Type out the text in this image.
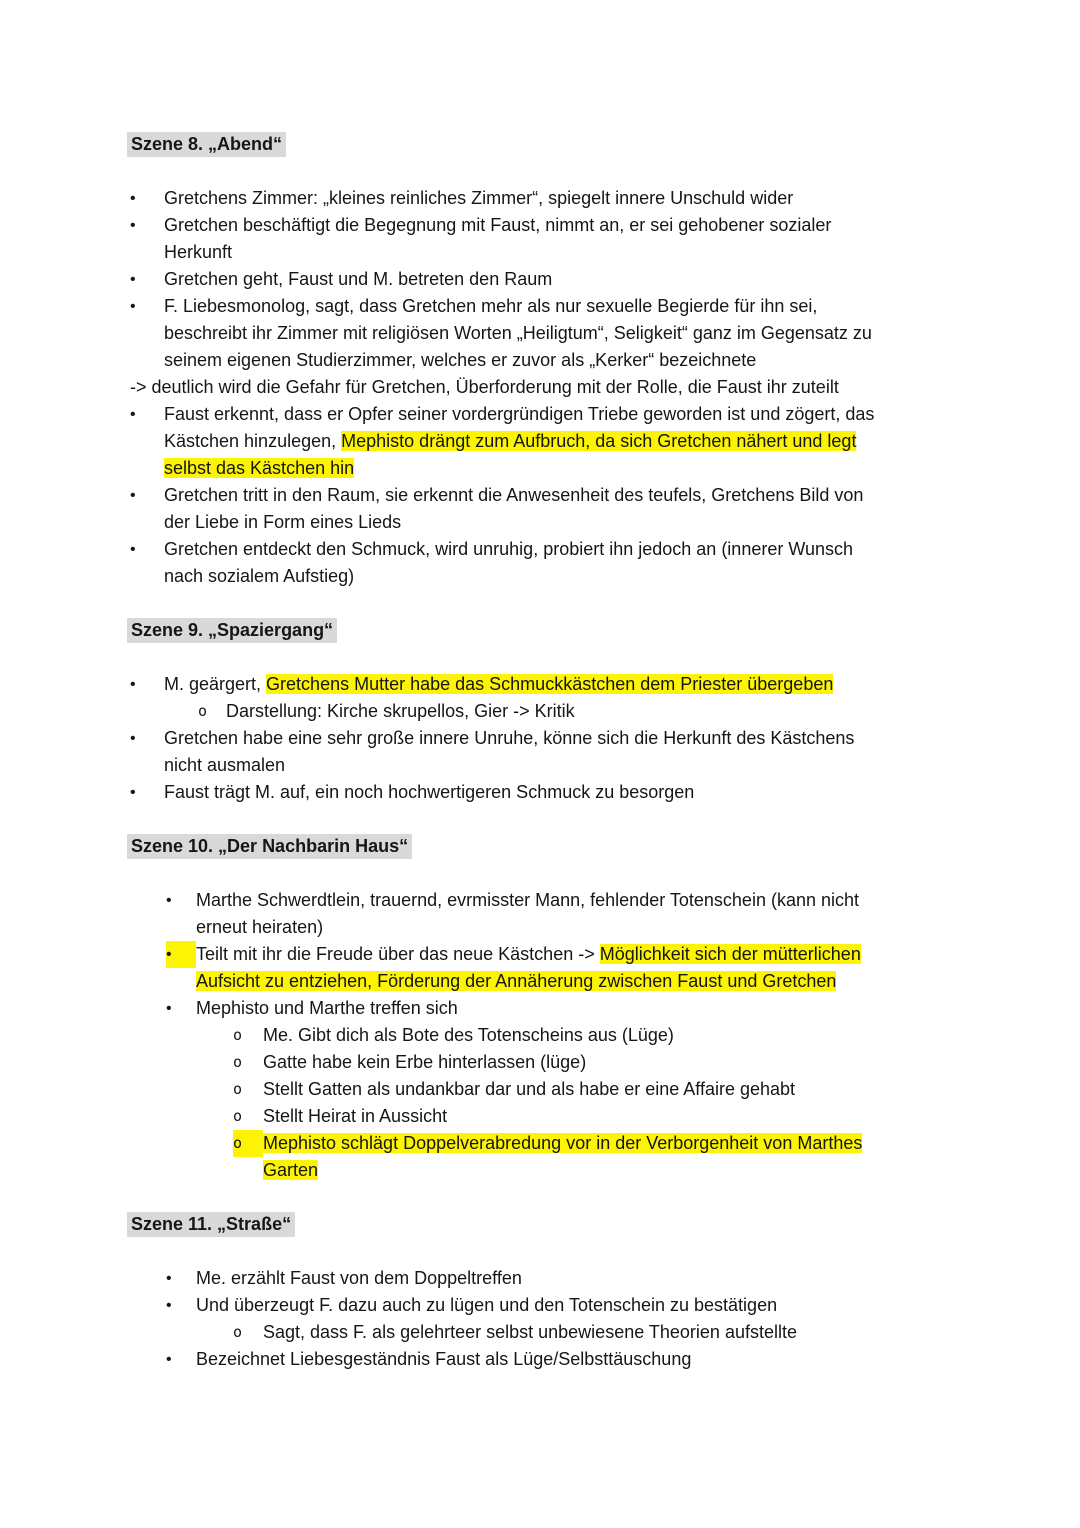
Szene 8. „Abend“
•	Gretchens Zimmer: „kleines reinliches Zimmer“, spiegelt innere Unschuld wider
•	Gretchen beschäftigt die Begegnung mit Faust, nimmt an, er sei gehobener sozialer
Herkunft
•	Gretchen geht, Faust und M. betreten den Raum
•	F. Liebesmonolog, sagt, dass Gretchen mehr als nur sexuelle Begierde für ihn sei,
beschreibt ihr Zimmer mit religiösen Worten „Heiligtum“, Seligkeit“ ganz im Gegensatz zu
seinem eigenen Studierzimmer, welches er zuvor als „Kerker“ bezeichnete
-> deutlich wird die Gefahr für Gretchen, Überforderung mit der Rolle, die Faust ihr zuteilt
•	Faust erkennt, dass er Opfer seiner vordergründigen Triebe geworden ist und zögert, das
Kästchen hinzulegen, Mephisto drängt zum Aufbruch, da sich Gretchen nähert und legt
selbst das Kästchen hin
•	Gretchen tritt in den Raum, sie erkennt die Anwesenheit des teufels, Gretchens Bild von
der Liebe in Form eines Lieds
•	Gretchen entdeckt den Schmuck, wird unruhig, probiert ihn jedoch an (innerer Wunsch
nach sozialem Aufstieg)
Szene 9. „Spaziergang“
•	M. geärgert, Gretchens Mutter habe das Schmuckkästchen dem Priester übergeben
o	Darstellung: Kirche skrupellos, Gier -> Kritik
•	Gretchen habe eine sehr große innere Unruhe, könne sich die Herkunft des Kästchens
nicht ausmalen
•	Faust trägt M. auf, ein noch hochwertigeren Schmuck zu besorgen
Szene 10. „Der Nachbarin Haus“
•	Marthe Schwerdtlein, trauernd, evrmisster Mann, fehlender Totenschein (kann nicht
erneut heiraten)
•	Teilt mit ihr die Freude über das neue Kästchen -> Möglichkeit sich der mütterlichen
Aufsicht zu entziehen, Förderung der Annäherung zwischen Faust und Gretchen
•	Mephisto und Marthe treffen sich
o	Me. Gibt dich als Bote des Totenscheins aus (Lüge)
o	Gatte habe kein Erbe hinterlassen (lüge)
o	Stellt Gatten als undankbar dar und als habe er eine Affaire gehabt
o	Stellt Heirat in Aussicht
o	Mephisto schlägt Doppelverabredung vor in der Verborgenheit von Marthes
Garten
Szene 11. „Straße“
•	Me. erzählt Faust von dem Doppeltreffen
•	Und überzeugt F. dazu auch zu lügen und den Totenschein zu bestätigen
o	Sagt, dass F. als gelehrteer selbst unbewiesene Theorien aufstellte
•	Bezeichnet Liebesgeständnis Faust als Lüge/Selbsttäuschung
